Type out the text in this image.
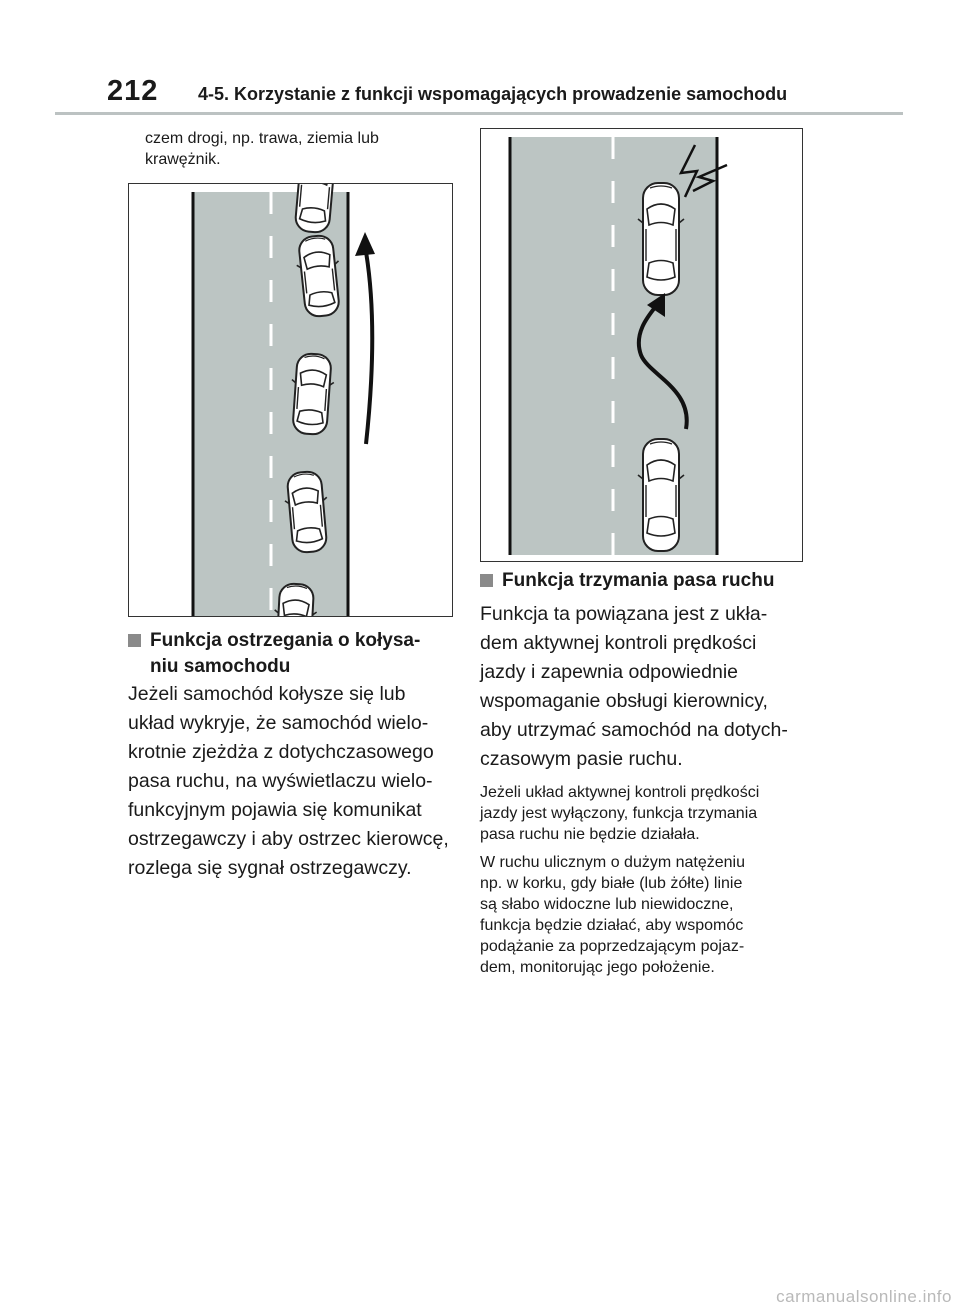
212 4-5. Korzystanie z funkcji wspomagających prowadzenie samochodu

czem drogi, np. trawa, ziemia lub

krawężnik.

Funkcja ostrzegania o kołysa-
niu samochodu

Jeżeli samochód kołysze się lub

układ wykryje, że samochód wielo-

krotnie zjeżdża z dotychczasowego

pasa ruchu, na wyświetlaczu wielo-

funkcyjnym pojawia się komunikat

ostrzegawczy i aby ostrzec kierowcę,

rozlega się sygnał ostrzegawczy.

Funkcja trzymania pasa ruchu

Funkcja ta powiązana jest z ukła-

dem aktywnej kontroli prędkości

jazdy i zapewnia odpowiednie

wspomaganie obsługi kierownicy,

aby utrzymać samochód na dotych-

czasowym pasie ruchu.

Jeżeli układ aktywnej kontroli prędkości

jazdy jest wyłączony, funkcja trzymania

pasa ruchu nie będzie działała.

W ruchu ulicznym o dużym natężeniu

np. w korku, gdy białe (lub żółte) linie

są słabo widoczne lub niewidoczne,

funkcja będzie działać, aby wspomóc

podążanie za poprzedzającym pojaz-

dem, monitorując jego położenie.

carmanualsonline.info
